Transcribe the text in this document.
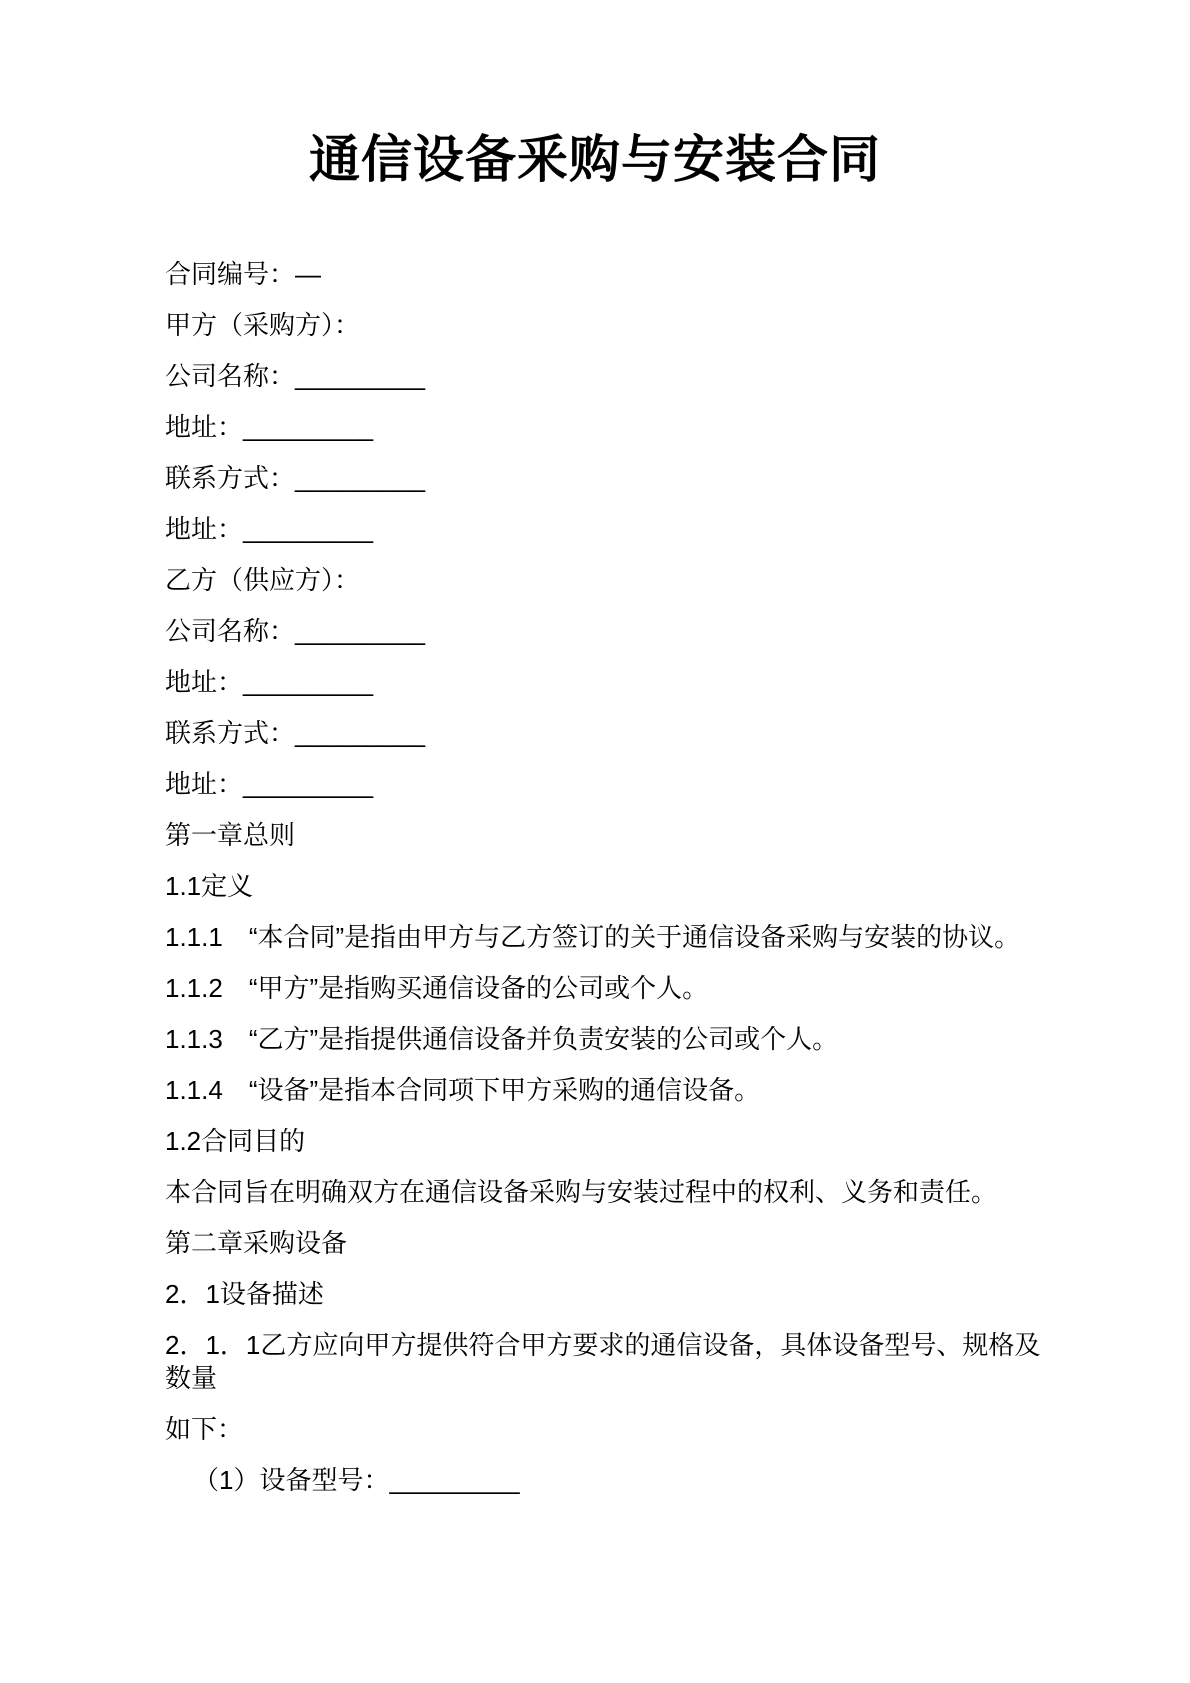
通信设备釆购与安装合同

合同编号：—

甲方（采购方）：

公司名称：_________

地址：_________

联系方式：_________

地址：_________

乙方（供应方）：

公司名称：_________

地址：_________

联系方式：_________

地址：_________

第一章总则

1.1定义

1.1.1　“本合同”是指由甲方与乙方签订的关于通信设备采购与安装的协议。

1.1.2　“甲方”是指购买通信设备的公司或个人。

1.1.3　“乙方”是指提供通信设备并负责安装的公司或个人。

1.1.4　“设备”是指本合同项下甲方采购的通信设备。

1.2合同目的

本合同旨在明确双方在通信设备采购与安装过程中的权利、义务和责任。

第二章采购设备

2．1设备描述

2．1．1乙方应向甲方提供符合甲方要求的通信设备，具体设备型号、规格及数量

如下：

（1）设备型号：_________
